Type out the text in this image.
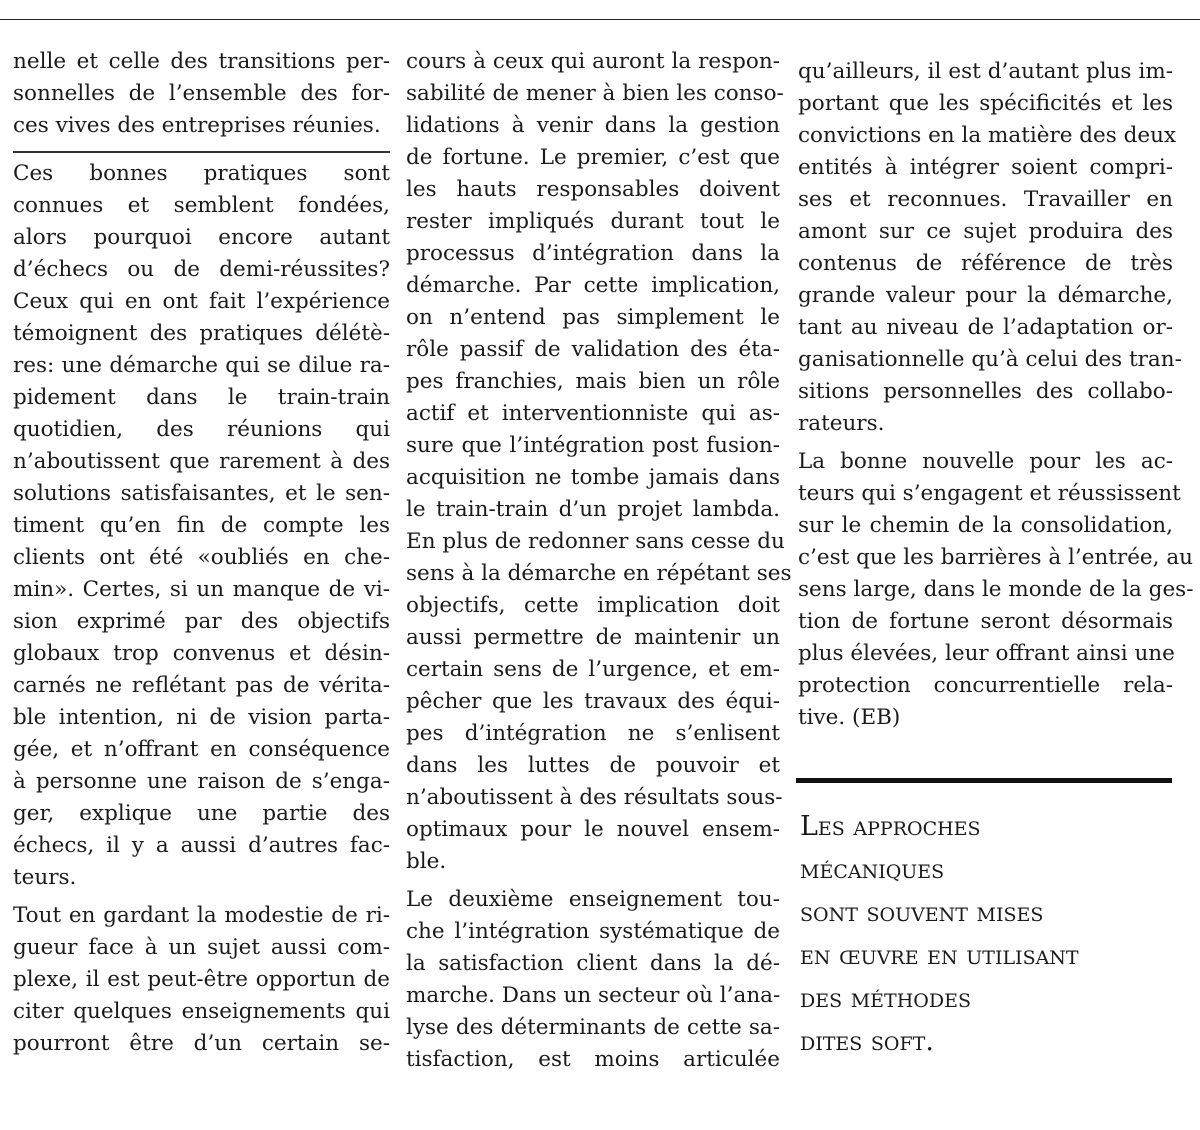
nelle et celle des transitions per-
sonnelles de l’ensemble des for-
ces vives des entreprises réunies.

Ces bonnes pratiques sont
connues et semblent fondées,
alors pourquoi encore autant
d’échecs ou de demi-réussites?
Ceux qui en ont fait l’expérience
témoignent des pratiques délétè-
res: une démarche qui se dilue ra-
pidement dans le train-train
quotidien, des réunions qui
n’aboutissent que rarement à des
solutions satisfaisantes, et le sen-
timent qu’en fin de compte les
clients ont été «oubliés en che-
min». Certes, si un manque de vi-
sion exprimé par des objectifs
globaux trop convenus et désin-
carnés ne reflétant pas de vérita-
ble intention, ni de vision parta-
gée, et n’offrant en conséquence
à personne une raison de s’enga-
ger, explique une partie des
échecs, il y a aussi d’autres fac-
teurs.

Tout en gardant la modestie de ri-
gueur face à un sujet aussi com-
plexe, il est peut-être opportun de
citer quelques enseignements qui
pourront être d’un certain se-

cours à ceux qui auront la respon-
sabilité de mener à bien les conso-
lidations à venir dans la gestion
de fortune. Le premier, c’est que
les hauts responsables doivent
rester impliqués durant tout le
processus d’intégration dans la
démarche. Par cette implication,
on n’entend pas simplement le
rôle passif de validation des éta-
pes franchies, mais bien un rôle
actif et interventionniste qui as-
sure que l’intégration post fusion-
acquisition ne tombe jamais dans
le train-train d’un projet lambda.
En plus de redonner sans cesse du
sens à la démarche en répétant ses
objectifs, cette implication doit
aussi permettre de maintenir un
certain sens de l’urgence, et em-
pêcher que les travaux des équi-
pes d’intégration ne s’enlisent
dans les luttes de pouvoir et
n’aboutissent à des résultats sous-
optimaux pour le nouvel ensem-
ble.

Le deuxième enseignement tou-
che l’intégration systématique de
la satisfaction client dans la dé-
marche. Dans un secteur où l’ana-
lyse des déterminants de cette sa-
tisfaction, est moins articulée

qu’ailleurs, il est d’autant plus im-
portant que les spécificités et les
convictions en la matière des deux
entités à intégrer soient compri-
ses et reconnues. Travailler en
amont sur ce sujet produira des
contenus de référence de très
grande valeur pour la démarche,
tant au niveau de l’adaptation or-
ganisationnelle qu’à celui des tran-
sitions personnelles des collabo-
rateurs.

La bonne nouvelle pour les ac-
teurs qui s’engagent et réussissent
sur le chemin de la consolidation,
c’est que les barrières à l’entrée, au
sens large, dans le monde de la ges-
tion de fortune seront désormais
plus élevées, leur offrant ainsi une
protection concurrentielle rela-
tive. (EB)

Les approches
mécaniques
sont souvent mises
en œuvre en utilisant
des méthodes
dites soft.
